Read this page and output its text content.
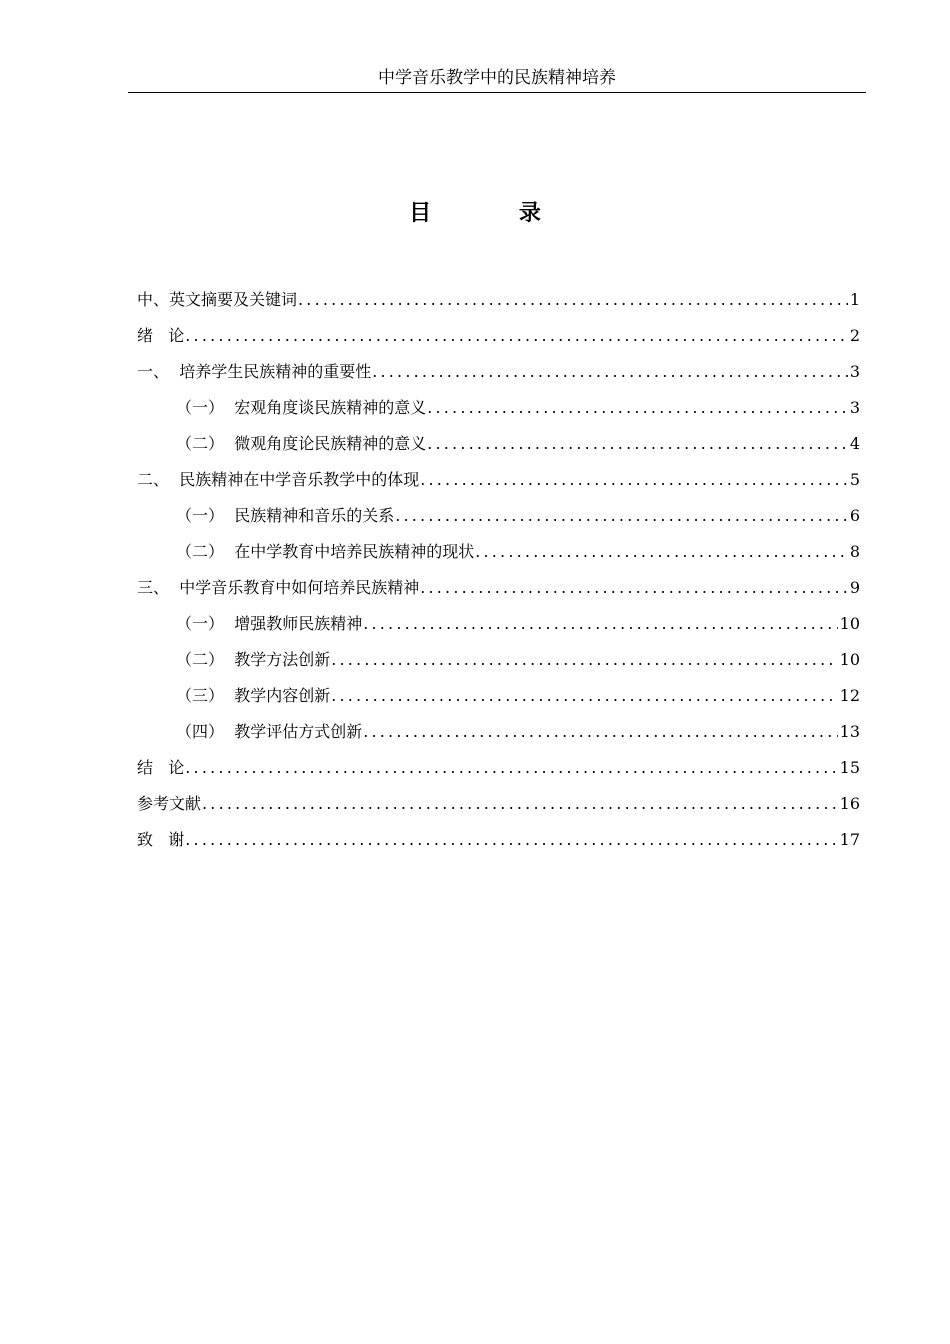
中学音乐教学中的民族精神培养
目 录
中、英文摘要及关键词 .....	1
绪   论 .....	2
一、 培养学生民族精神的重要性 .....	3
（一） 宏观角度谈民族精神的意义 .....	3
（二） 微观角度论民族精神的意义 .....	4
二、 民族精神在中学音乐教学中的体现 .....	5
（一） 民族精神和音乐的关系 .....	6
（二） 在中学教育中培养民族精神的现状 .....	8
三、 中学音乐教育中如何培养民族精神 .....	9
（一） 增强教师民族精神 .....	10
（二） 教学方法创新 .....	10
（三） 教学内容创新 .....	12
（四） 教学评估方式创新 .....	13
结   论 .....	15
参考文献 .....	16
致   谢 .....	17
